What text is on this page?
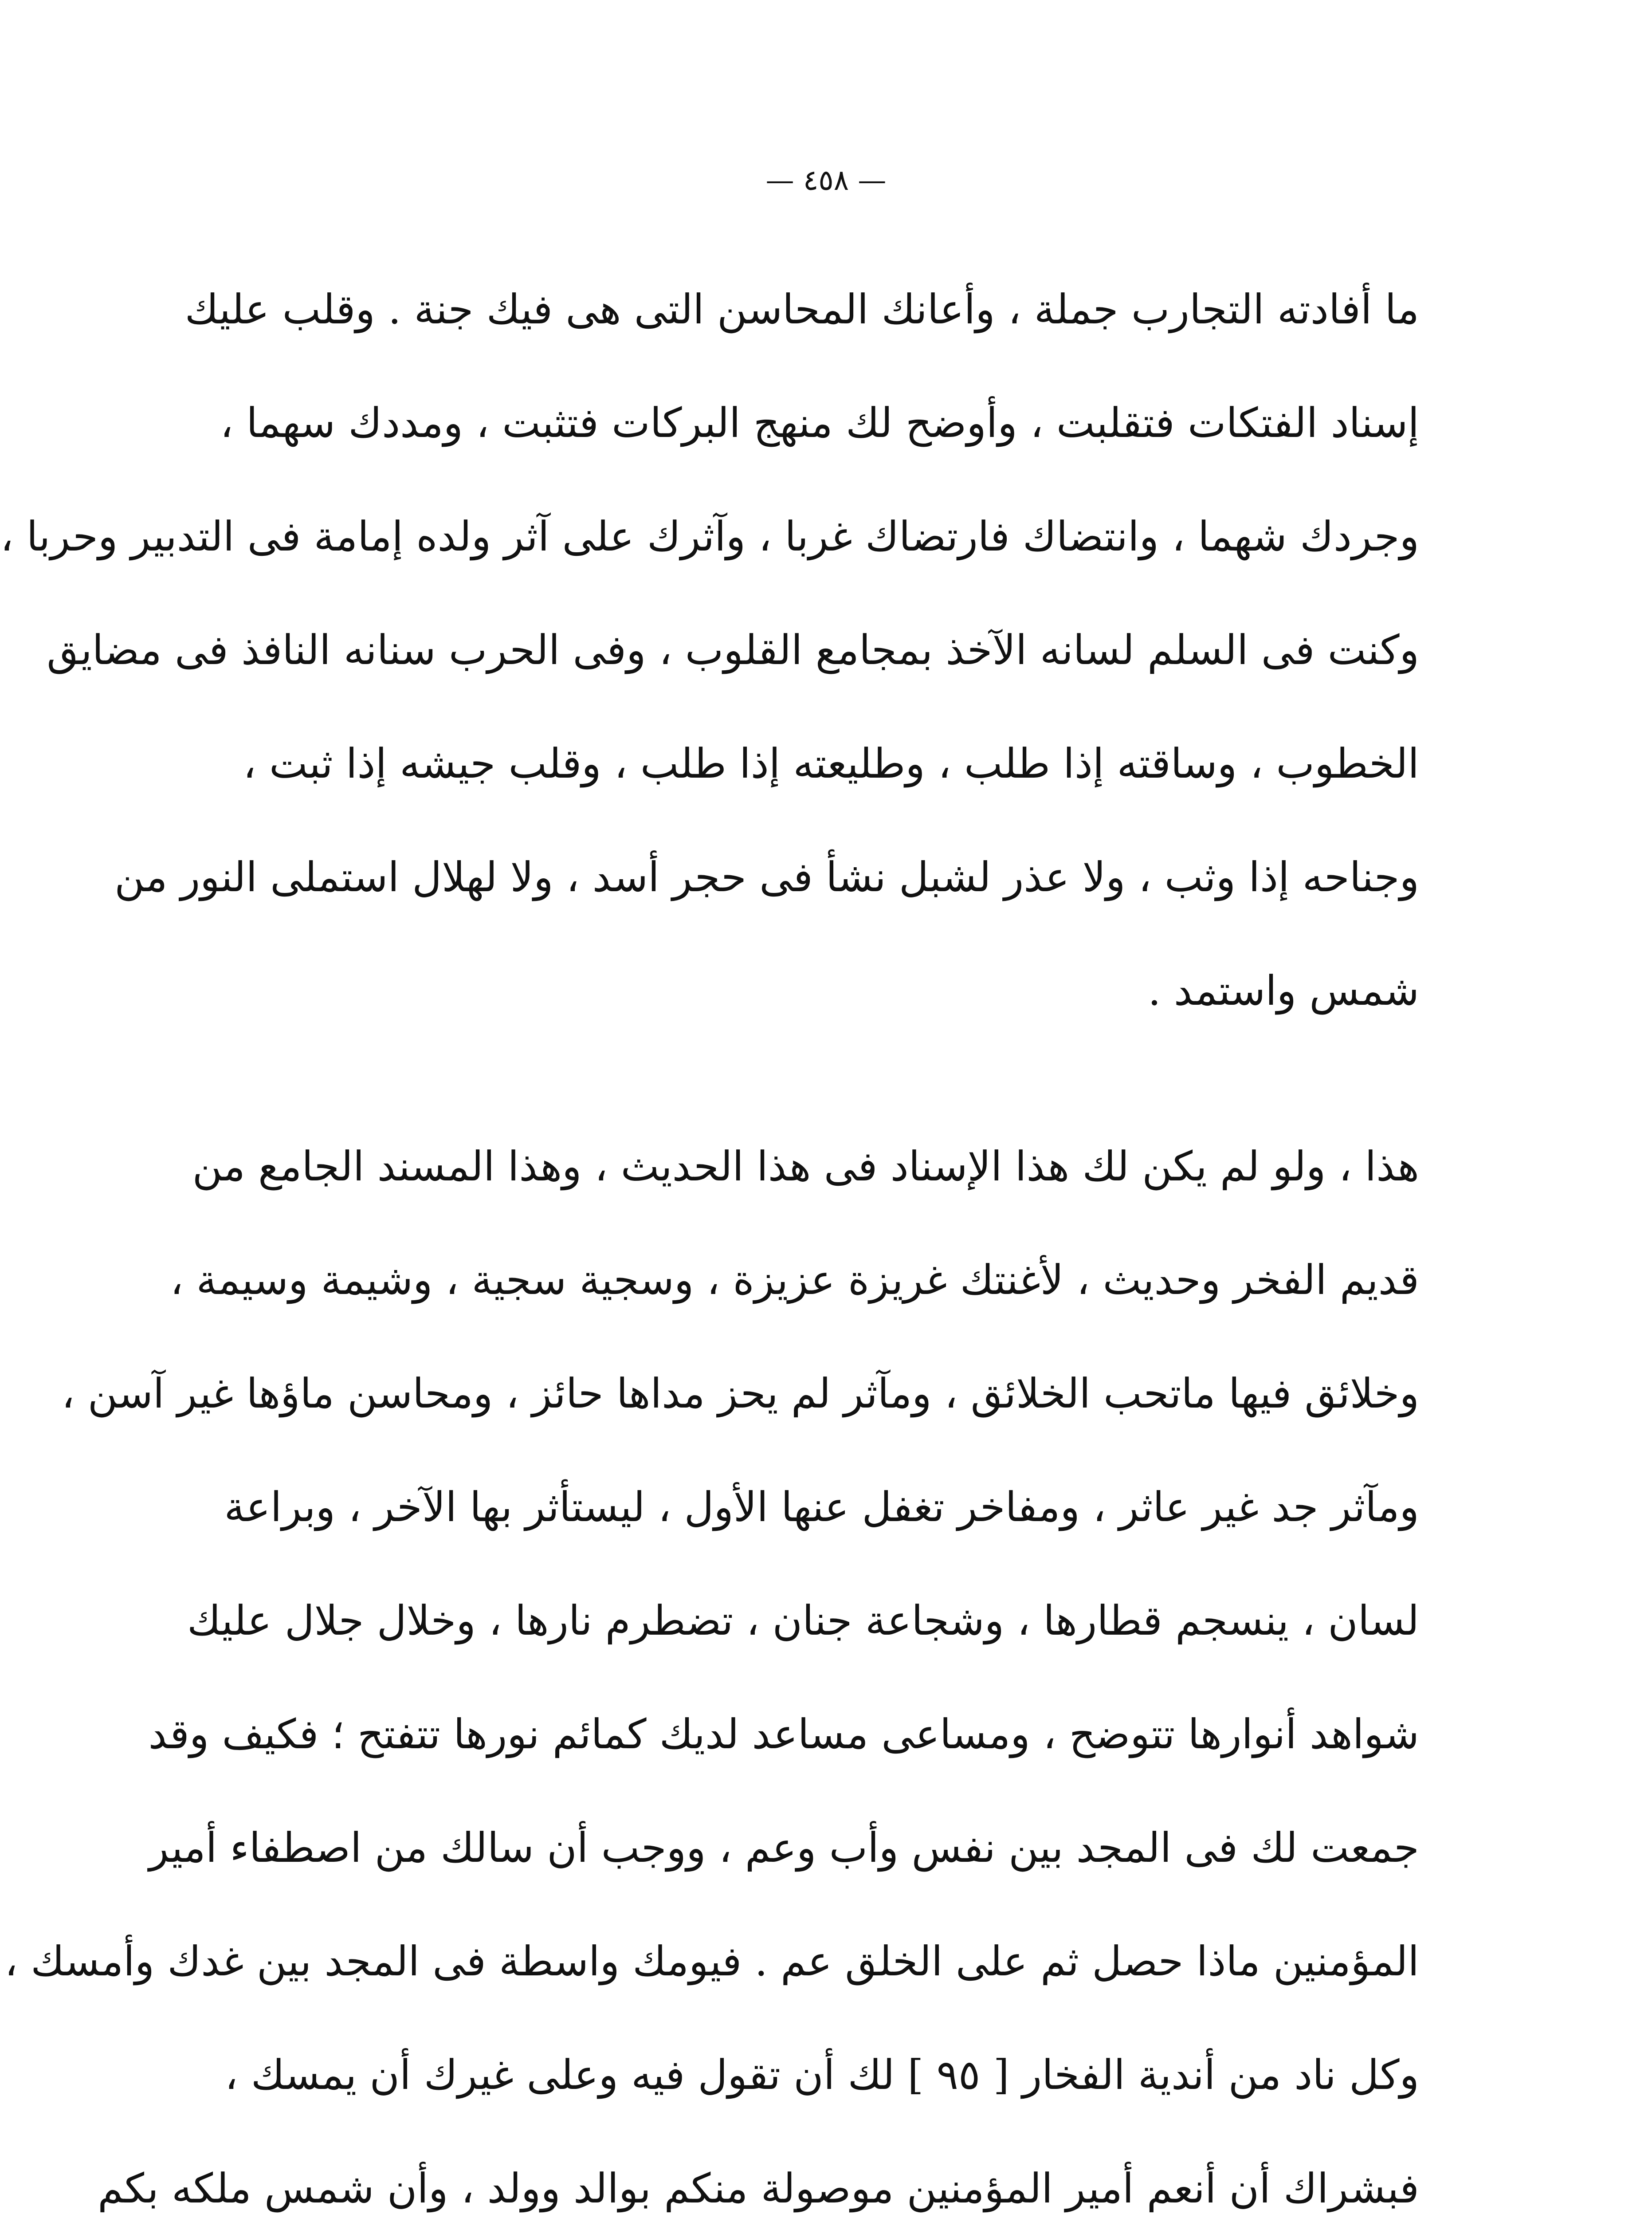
— ٤٥٨ —
ما أفادته التجارب جملة ، وأعانك المحاسن التى هى فيك جنة . وقلب عليك
إسناد الفتكات فتقلبت ، وأوضح لك منهج البركات فتثبت ، ومددك سهما ،
وجردك شهما ، وانتضاك فارتضاك غربا ، وآثرك على آثر ولده إمامة فى التدبير وحربا ،
وكنت فى السلم لسانه الآخذ بمجامع القلوب ، وفى الحرب سنانه النافذ فى مضايق
الخطوب ، وساقته إذا طلب ، وطليعته إذا طلب ، وقلب جيشه إذا ثبت ،
وجناحه إذا وثب ، ولا عذر لشبل نشأ فى حجر أسد ، ولا لهلال استملى النور من
شمس واستمد .
هذا ، ولو لم يكن لك هذا الإسناد فى هذا الحديث ، وهذا المسند الجامع من
قديم الفخر وحديث ، لأغنتك غريزة عزيزة ، وسجية سجية ، وشيمة وسيمة ،
وخلائق فيها ماتحب الخلائق ، ومآثر لم يحز مداها حائز ، ومحاسن ماؤها غير آسن ،
ومآثر جد غير عاثر ، ومفاخر تغفل عنها الأول ، ليستأثر بها الآخر ، وبراعة
لسان ، ينسجم قطارها ، وشجاعة جنان ، تضطرم نارها ، وخلال جلال عليك
شواهد أنوارها تتوضح ، ومساعى مساعد لديك كمائم نورها تتفتح ؛ فكيف وقد
جمعت لك فى المجد بين نفس وأب وعم ، ووجب أن سالك من اصطفاء أمير
المؤمنين ماذا حصل ثم على الخلق عم . فيومك واسطة فى المجد بين غدك وأمسك ،
وكل ناد من أندية الفخار [ ٩٥ ] لك أن تقول فيه وعلى غيرك أن يمسك ،
فبشراك أن أنعم أمير المؤمنين موصولة منكم بوالد وولد ، وأن شمس ملكه بكم
